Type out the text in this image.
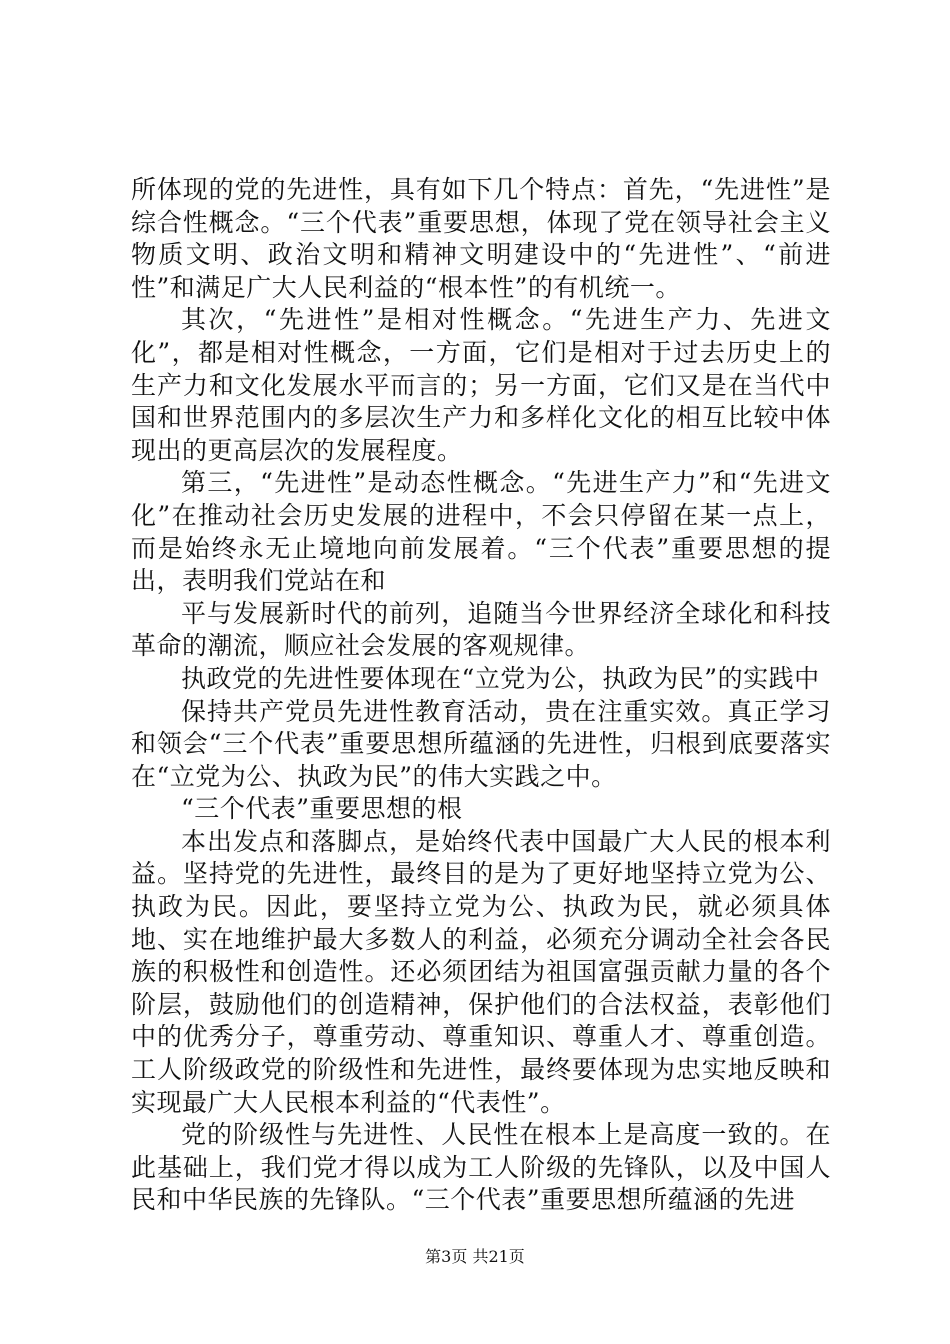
所体现的党的先进性，具有如下几个特点：首先，“先进性”是综合性概念。“三个代表”重要思想，体现了党在领导社会主义物质文明、政治文明和精神文明建设中的“先进性”、“前进性”和满足广大人民利益的“根本性”的有机统一。

其次，“先进性”是相对性概念。“先进生产力、先进文化”，都是相对性概念，一方面，它们是相对于过去历史上的生产力和文化发展水平而言的；另一方面，它们又是在当代中国和世界范围内的多层次生产力和多样化文化的相互比较中体现出的更高层次的发展程度。

第三，“先进性”是动态性概念。“先进生产力”和“先进文化”在推动社会历史发展的进程中，不会只停留在某一点上，而是始终永无止境地向前发展着。“三个代表”重要思想的提出，表明我们党站在和

平与发展新时代的前列，追随当今世界经济全球化和科技革命的潮流，顺应社会发展的客观规律。

执政党的先进性要体现在“立党为公，执政为民”的实践中

保持共产党员先进性教育活动，贵在注重实效。真正学习和领会“三个代表”重要思想所蕴涵的先进性，归根到底要落实在“立党为公、执政为民”的伟大实践之中。

“三个代表”重要思想的根

本出发点和落脚点，是始终代表中国最广大人民的根本利益。坚持党的先进性，最终目的是为了更好地坚持立党为公、执政为民。因此，要坚持立党为公、执政为民，就必须具体地、实在地维护最大多数人的利益，必须充分调动全社会各民族的积极性和创造性。还必须团结为祖国富强贡献力量的各个阶层，鼓励他们的创造精神，保护他们的合法权益，表彰他们中的优秀分子，尊重劳动、尊重知识、尊重人才、尊重创造。工人阶级政党的阶级性和先进性，最终要体现为忠实地反映和实现最广大人民根本利益的“代表性”。

党的阶级性与先进性、人民性在根本上是高度一致的。在此基础上，我们党才得以成为工人阶级的先锋队，以及中国人民和中华民族的先锋队。“三个代表”重要思想所蕴涵的先进

第3页 共21页
